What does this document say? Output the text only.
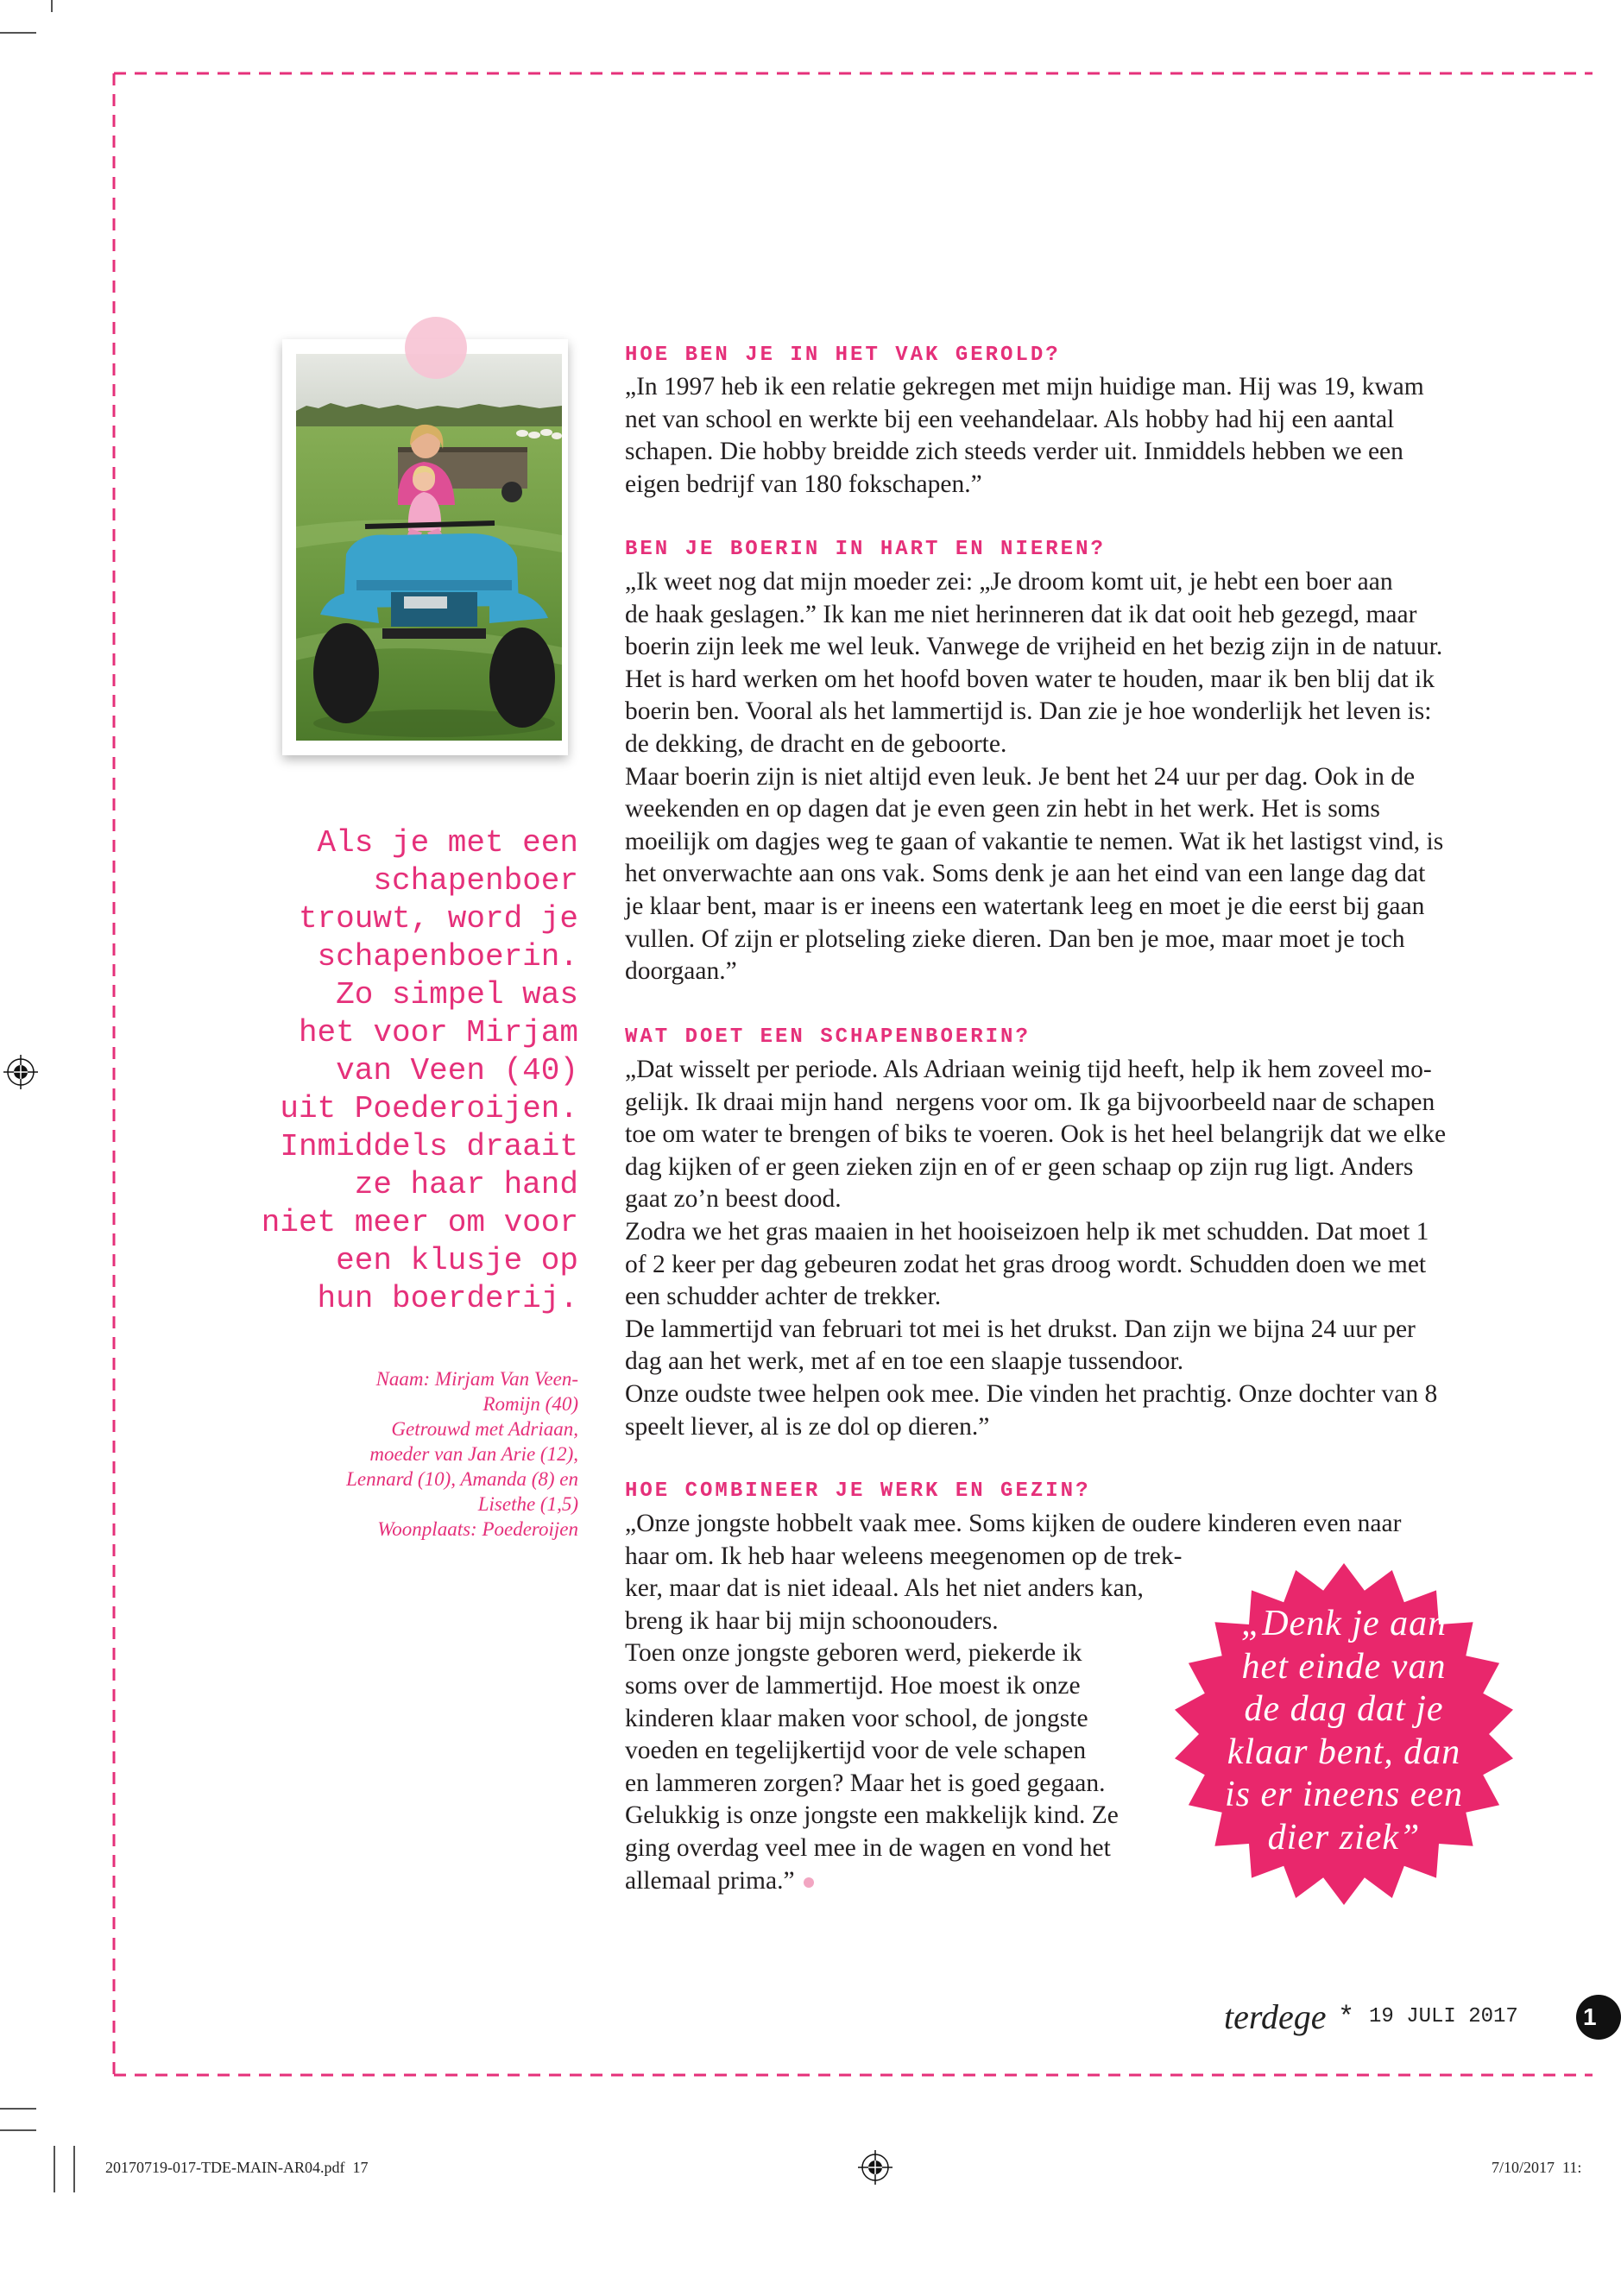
Als je met een
schapenboer
trouwt, word je
schapenboerin.
Zo simpel was
het voor Mirjam
van Veen (40)
uit Poederoijen.
Inmiddels draait
ze haar hand
niet meer om voor
een klusje op
hun boerderij.
Naam: Mirjam Van Veen-
Romijn (40)
Getrouwd met Adriaan,
moeder van Jan Arie (12),
Lennard (10), Amanda (8) en
Lisethe (1,5)
Woonplaats: Poederoijen
HOE BEN JE IN HET VAK GEROLD?
„In 1997 heb ik een relatie gekregen met mijn huidige man. Hij was 19, kwam
net van school en werkte bij een veehandelaar. Als hobby had hij een aantal
schapen. Die hobby breidde zich steeds verder uit. Inmiddels hebben we een
eigen bedrijf van 180 fokschapen.”
BEN JE BOERIN IN HART EN NIEREN?
„Ik weet nog dat mijn moeder zei: „Je droom komt uit, je hebt een boer aan
de haak geslagen.” Ik kan me niet herinneren dat ik dat ooit heb gezegd, maar
boerin zijn leek me wel leuk. Vanwege de vrijheid en het bezig zijn in de natuur.
Het is hard werken om het hoofd boven water te houden, maar ik ben blij dat ik
boerin ben. Vooral als het lammertijd is. Dan zie je hoe wonderlijk het leven is:
de dekking, de dracht en de geboorte.
Maar boerin zijn is niet altijd even leuk. Je bent het 24 uur per dag. Ook in de
weekenden en op dagen dat je even geen zin hebt in het werk. Het is soms
moeilijk om dagjes weg te gaan of vakantie te nemen. Wat ik het lastigst vind, is
het onverwachte aan ons vak. Soms denk je aan het eind van een lange dag dat
je klaar bent, maar is er ineens een watertank leeg en moet je die eerst bij gaan
vullen. Of zijn er plotseling zieke dieren. Dan ben je moe, maar moet je toch
doorgaan.”
WAT DOET EEN SCHAPENBOERIN?
„Dat wisselt per periode. Als Adriaan weinig tijd heeft, help ik hem zoveel mo-
gelijk. Ik draai mijn hand  nergens voor om. Ik ga bijvoorbeeld naar de schapen
toe om water te brengen of biks te voeren. Ook is het heel belangrijk dat we elke
dag kijken of er geen zieken zijn en of er geen schaap op zijn rug ligt. Anders
gaat zo’n beest dood.
Zodra we het gras maaien in het hooiseizoen help ik met schudden. Dat moet 1
of 2 keer per dag gebeuren zodat het gras droog wordt. Schudden doen we met
een schudder achter de trekker.
De lammertijd van februari tot mei is het drukst. Dan zijn we bijna 24 uur per
dag aan het werk, met af en toe een slaapje tussendoor.
Onze oudste twee helpen ook mee. Die vinden het prachtig. Onze dochter van 8
speelt liever, al is ze dol op dieren.”
HOE COMBINEER JE WERK EN GEZIN?
„Onze jongste hobbelt vaak mee. Soms kijken de oudere kinderen even naar
haar om. Ik heb haar weleens meegenomen op de trek-
ker, maar dat is niet ideaal. Als het niet anders kan,
breng ik haar bij mijn schoonouders.
Toen onze jongste geboren werd, piekerde ik
soms over de lammertijd. Hoe moest ik onze
kinderen klaar maken voor school, de jongste
voeden en tegelijkertijd voor de vele schapen
en lammeren zorgen? Maar het is goed gegaan.
Gelukkig is onze jongste een makkelijk kind. Ze
ging overdag veel mee in de wagen en vond het
allemaal prima.”
„Denk je aan
het einde van
de dag dat je
klaar bent, dan
is er ineens een
dier ziek”
terdege * 19 JULI 2017	1
20170719-017-TDE-MAIN-AR04.pdf  17	7/10/2017  11:
